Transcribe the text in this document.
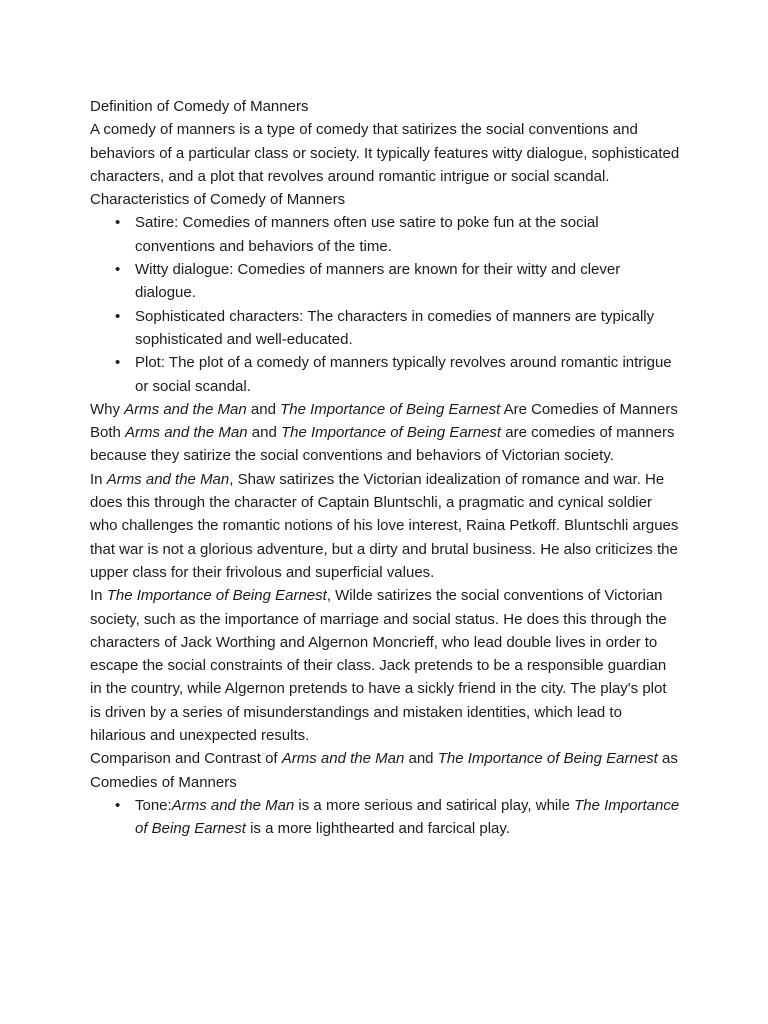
Definition of Comedy of Manners

A comedy of manners is a type of comedy that satirizes the social conventions and behaviors of a particular class or society. It typically features witty dialogue, sophisticated characters, and a plot that revolves around romantic intrigue or social scandal.

Characteristics of Comedy of Manners

• Satire: Comedies of manners often use satire to poke fun at the social conventions and behaviors of the time.
• Witty dialogue: Comedies of manners are known for their witty and clever dialogue.
• Sophisticated characters: The characters in comedies of manners are typically sophisticated and well-educated.
• Plot: The plot of a comedy of manners typically revolves around romantic intrigue or social scandal.

Why Arms and the Man and The Importance of Being Earnest Are Comedies of Manners

Both Arms and the Man and The Importance of Being Earnest are comedies of manners because they satirize the social conventions and behaviors of Victorian society.

In Arms and the Man, Shaw satirizes the Victorian idealization of romance and war. He does this through the character of Captain Bluntschli, a pragmatic and cynical soldier who challenges the romantic notions of his love interest, Raina Petkoff. Bluntschli argues that war is not a glorious adventure, but a dirty and brutal business. He also criticizes the upper class for their frivolous and superficial values.

In The Importance of Being Earnest, Wilde satirizes the social conventions of Victorian society, such as the importance of marriage and social status. He does this through the characters of Jack Worthing and Algernon Moncrieff, who lead double lives in order to escape the social constraints of their class. Jack pretends to be a responsible guardian in the country, while Algernon pretends to have a sickly friend in the city. The play's plot is driven by a series of misunderstandings and mistaken identities, which lead to hilarious and unexpected results.

Comparison and Contrast of Arms and the Man and The Importance of Being Earnest as Comedies of Manners

• Tone:Arms and the Man is a more serious and satirical play, while The Importance of Being Earnest is a more lighthearted and farcical play.
